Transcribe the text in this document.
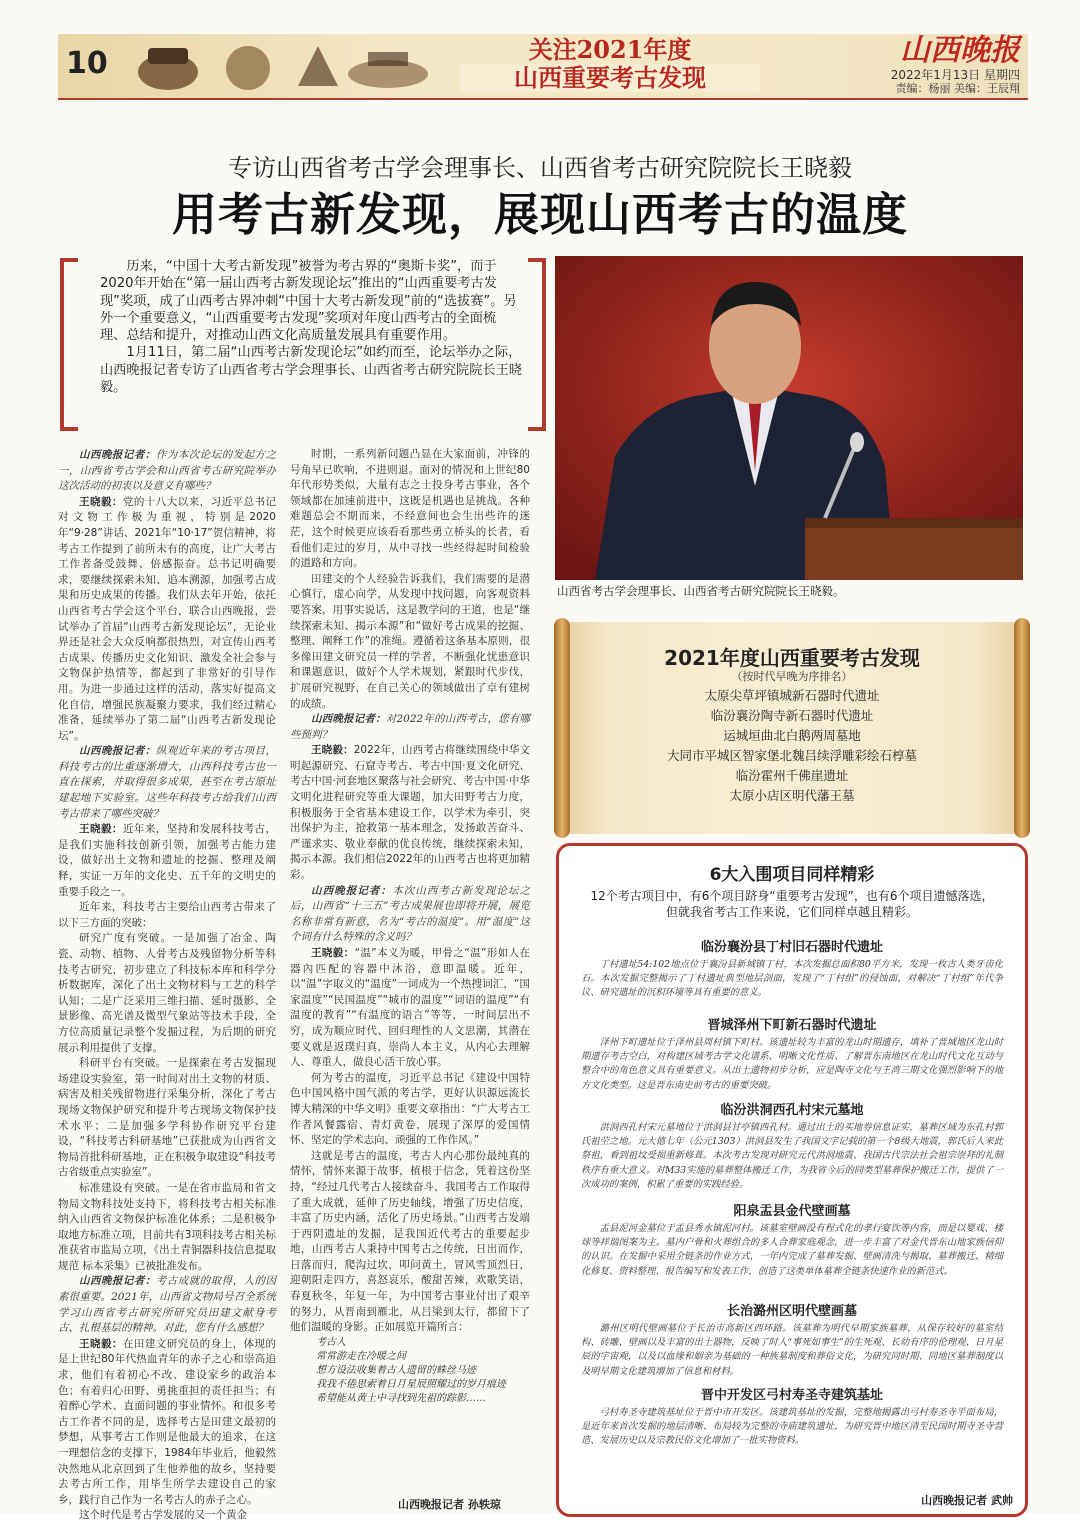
10	关注2021年度
山西重要考古发现
山西晚报
2022年1月13日 星期四
责编：杨丽 美编：王辰翔
专访山西省考古学会理事长、山西省考古研究院院长王晓毅
用考古新发现，展现山西考古的温度

历来，“中国十大考古新发现”被誉为考古界的“奥斯卡奖”，而于2020年开始在“第一届山西考古新发现论坛”推出的“山西重要考古发现”奖项，成了山西考古界冲刺“中国十大考古新发现”前的“选拔赛”。另外一个重要意义，“山西重要考古发现”奖项对年度山西考古的全面梳理、总结和提升，对推动山西文化高质量发展具有重要作用。

1月11日，第二届“山西考古新发现论坛”如约而至，论坛举办之际，山西晚报记者专访了山西省考古学会理事长、山西省考古研究院院长王晓毅。

山西省考古学会理事长、山西省考古研究院院长王晓毅。

山西晚报记者：作为本次论坛的发起方之一，山西省考古学会和山西省考古研究院举办这次活动的初衷以及意义有哪些？

王晓毅：党的十八大以来，习近平总书记对文物工作极为重视，特别是2020年“9·28”讲话、2021年“10·17”贺信精神，将考古工作提到了前所未有的高度，让广大考古工作者备受鼓舞、倍感振奋。总书记明确要求，要继续探索未知、追本溯源，加强考古成果和历史成果的传播。我们从去年开始，依托山西省考古学会这个平台，联合山西晚报，尝试举办了首届“山西考古新发现论坛”，无论业界还是社会大众反响都很热烈，对宣传山西考古成果、传播历史文化知识、激发全社会参与文物保护热情等，都起到了非常好的引导作用。为进一步通过这样的活动，落实好提高文化自信，增强民族凝聚力要求，我们经过精心准备，延续举办了第二届“山西考古新发现论坛”。

山西晚报记者：纵观近年来的考古项目，科技考古的比重逐渐增大，山西科技考古也一直在探索，并取得很多成果，甚至在考古原址建起地下实验室。这些年科技考古给我们山西考古带来了哪些突破？

王晓毅：近年来，坚持和发展科技考古，是我们实施科技创新引领，加强考古能力建设，做好出土文物和遗址的挖掘、整理及阐释，实证一万年的文化史、五千年的文明史的重要手段之一。

近年来，科技考古主要给山西考古带来了以下三方面的突破：

研究广度有突破。一是加强了冶金、陶瓷、动物、植物、人骨考古及残留物分析等科技考古研究，初步建立了科技标本库和科学分析数据库，深化了出土文物材料与工艺的科学认知；二是广泛采用三维扫描、延时摄影、全景影像、高光谱及微型气象站等技术手段，全方位高质量记录整个发掘过程，为后期的研究展示利用提供了支撑。

科研平台有突破。一是探索在考古发掘现场建设实验室，第一时间对出土文物的材质、病害及相关残留物进行采集分析，深化了考古现场文物保护研究和提升考古现场文物保护技术水平；二是加强多学科协作研究平台建设，“科技考古科研基地”已获批成为山西省文物局首批科研基地，正在积极争取建设“科技考古省级重点实验室”。

标准建设有突破。一是在省市监局和省文物局文物科技处支持下，将科技考古相关标准纳入山西省文物保护标准化体系；二是积极争取地方标准立项，目前共有3项科技考古相关标准获省市监局立项，《出土青铜器科技信息提取规范 标本采集》已被批准发布。

山西晚报记者：考古成就的取得，人的因素很重要。2021年，山西省文物局号召全系统学习山西省考古研究所研究员田建文献身考古、扎根基层的精神。对此，您有什么感想？

王晓毅：在田建文研究员的身上，体现的是上世纪80年代热血青年的赤子之心和崇高追求，他们有着初心不改、建设家乡的政治本色；有着归心田野、勇挑重担的责任担当；有着醉心学术、直面问题的事业情怀。和很多考古工作者不同的是，选择考古是田建文最初的梦想，从事考古工作则是他最大的追求，在这一理想信念的支撑下，1984年毕业后，他毅然决然地从北京回到了生他养他的故乡，坚持要去考古所工作，用毕生所学去建设自己的家乡，践行自己作为一名考古人的赤子之心。

这个时代是考古学发展的又一个黄金

时期，一系列新问题凸显在大家面前，冲锋的号角早已吹响，不进则退。面对的情况和上世纪80年代形势类似，大量有志之士投身考古事业，各个领域都在加速前进中，这既是机遇也是挑战。各种难题总会不期而来，不经意间也会生出些许的迷茫，这个时候更应该看看那些勇立桥头的长者，看看他们走过的岁月，从中寻找一些经得起时间检验的道路和方向。

田建文的个人经验告诉我们，我们需要的是潜心慎行，虚心向学，从发现中找问题，向客观资料要答案，用事实说话，这是教学问的王道，也是“继续探索未知、揭示本源”和“做好考古成果的挖掘、整理、阐释工作”的准绳。遵循着这条基本原则，很多像田建文研究员一样的学者，不断强化忧患意识和课题意识，做好个人学术规划，紧跟时代步伐，扩展研究视野，在自己关心的领域做出了卓有建树的成绩。

山西晚报记者：对2022年的山西考古，您有哪些预判？

王晓毅：2022年，山西考古将继续围绕中华文明起源研究、石窟寺考古、考古中国·夏文化研究、考古中国·河套地区聚落与社会研究、考古中国·中华文明化进程研究等重大课题，加大田野考古力度，积极服务于全省基本建设工作，以学术为牵引，突出保护为主，抢救第一基本理念，发扬敢苦奋斗、严谨求实、敬业奉献的优良传统，继续探索未知，揭示本源。我们相信2022年的山西考古也将更加精彩。

山西晚报记者：本次山西考古新发现论坛之后，山西省“十三五”考古成果展也即将开展，展览名称非常有新意，名为“考古的温度”。用“温度”这个词有什么特殊的含义吗？

王晓毅：“温”本义为暖，甲骨之“温”形如人在器內匹配的容器中沐浴，意即温暖。近年，以“温”字取义的“温度”一词成为一个热搜词汇，“国家温度”“民国温度”“城市的温度”“词语的温度”“有温度的教育”“有温度的语言”等等，一时间层出不穷，成为顺应时代、回归理性的人文思潮，其潜在要义就是返璞归真，崇尚人本主义，从内心去理解人、尊重人，做良心活干放心事。

何为考古的温度，习近平总书记《建设中国特色中国风格中国气派的考古学，更好认识源远流长博大精深的中华文明》重要文章指出：“广大考古工作者风餐露宿、青灯黄卷，展现了深厚的爱国情怀、坚定的学术志向、顽强的工作作风。”

这就是考古的温度，考古人内心那份最纯真的情怀，情怀来源于故事，植根于信念，凭着这份坚持，“经过几代考古人接续奋斗，我国考古工作取得了重大成就，延伸了历史轴线，增强了历史信度，丰富了历史内涵，活化了历史场景。”山西考古发端于西阴遗址的发掘，是我国近代考古的重要起步地，山西考古人秉持中国考古之传统，日出而作，日落而归，爬沟过坎，叩问黄土，冒风雪顶烈日，迎朝阳走四方，喜怒哀乐，酸甜苦辣，欢歌笑语，春夏秋冬，年复一年，为中国考古事业付出了艰辛的努力，从晋南到雁北，从吕梁到太行，都留下了他们温暖的身影。正如展览开篇所言：

考古人
常常游走在冷暖之间
想方设法收集着古人遗留的蛛丝马迹
我我不倦思索着日月星辰照耀过的岁月痕迹
希望能从黄土中寻找到先祖的踪影……
山西晚报记者 孙轶琼
2021年度山西重要考古发现
（按时代早晚为序排名）
太原尖草坪镇城新石器时代遗址
临汾襄汾陶寺新石器时代遗址
运城垣曲北白鹅两周墓地
大同市平城区智家堡北魏吕续浮雕彩绘石椁墓
临汾霍州千佛崖遗址
太原小店区明代藩王墓
6大入围项目同样精彩
12个考古项目中，有6个项目跻身“重要考古发现”，也有6个项目遗憾落选，但就我省考古工作来说，它们同样卓越且精彩。
临汾襄汾县丁村旧石器时代遗址

丁村遗址54:102地点位于襄汾县新城镇丁村，本次发掘总面积80平方米，发现一枚古人类牙齿化石。本次发掘完整揭示了丁村遗址典型地层剖面，发现了“丁村组”的侵蚀面，对解决“丁村组”年代争议、研究遗址的沉积环境等具有重要的意义。

晋城泽州下町新石器时代遗址

泽州下町遗址位于泽州县周村镇下町村。该遗址较为丰富的龙山时期遗存，填补了晋城地区龙山时期遗存考古空白，对构建区域考古学文化谱系、明晰文化性质、了解晋东南地区在龙山时代文化互动与整合中的角色意义具有重要意义。从出土遗物初步分析，应是陶寺文化与王湾三期文化强烈影响下的地方文化类型。这是晋东南史前考古的重要突破。

临汾洪洞西孔村宋元墓地

洪洞西孔村宋元墓地位于洪洞县甘亭镇西孔村。通过出土的买地券信息证实，墓葬区域为东孔村郭氏祖茔之地。元大德七年（公元1303）洪洞县发生了我国文字记载的第一个8级大地震，郭氏后人来此祭祖，看到祖坟受损重新修葺。本次考古发现对研究元代洪洞地震、我国古代宗法社会祖宗崇拜的礼制秩序有重大意义。对M33实施的墓葬整体搬迁工作，为我省今后的同类型墓葬保护搬迁工作，提供了一次成功的案例，积累了重要的实践经验。

阳泉盂县金代壁画墓

盂县泥河金墓位于盂县秀水镇泥河村。该墓室壁画没有程式化的孝行宴饮等内容，而是以婴戏、楼球等祥瑞图案为主。墓内户骨和火葬组合的多人合葬家庭观念，进一步丰富了对金代晋东山地家族信仰的认识。在发掘中采用全链条的作业方式，一年内完成了墓葬发掘、壁画清洗与揭取、墓葬搬迁、精细化修复、资料整理、报告编写和发表工作，创造了这类单体墓葬全链条快速作业的新范式。

长治潞州区明代壁画墓

潞州区明代壁画墓位于长治市高新区西环路。该墓葬为明代早期家族墓葬，从保存较好的墓室结构、砖雕、壁画以及丰富的出土器物，反映了时人“事死如事生”的生死观、长幼有序的伦理观、日月星辰的宇宙观，以及以血缘和姻亲为基础的一种族墓制度和葬俗文化，为研究同时期、同地区墓葬制度以及明早期文化建筑增加了信息和材料。

晋中开发区弓村寿圣寺建筑基址

弓村寿圣寺建筑基址位于晋中市开发区。该建筑基址的发掘，完整地揭露出弓村寿圣寺平面布局，是近年来首次发掘的地层清晰、布局较为完整的寺庙建筑遗址，为研究晋中地区清至民国时期寺圣寺营造、发展历史以及宗教民俗文化增加了一批实物资料。

山西晚报记者 武帅
